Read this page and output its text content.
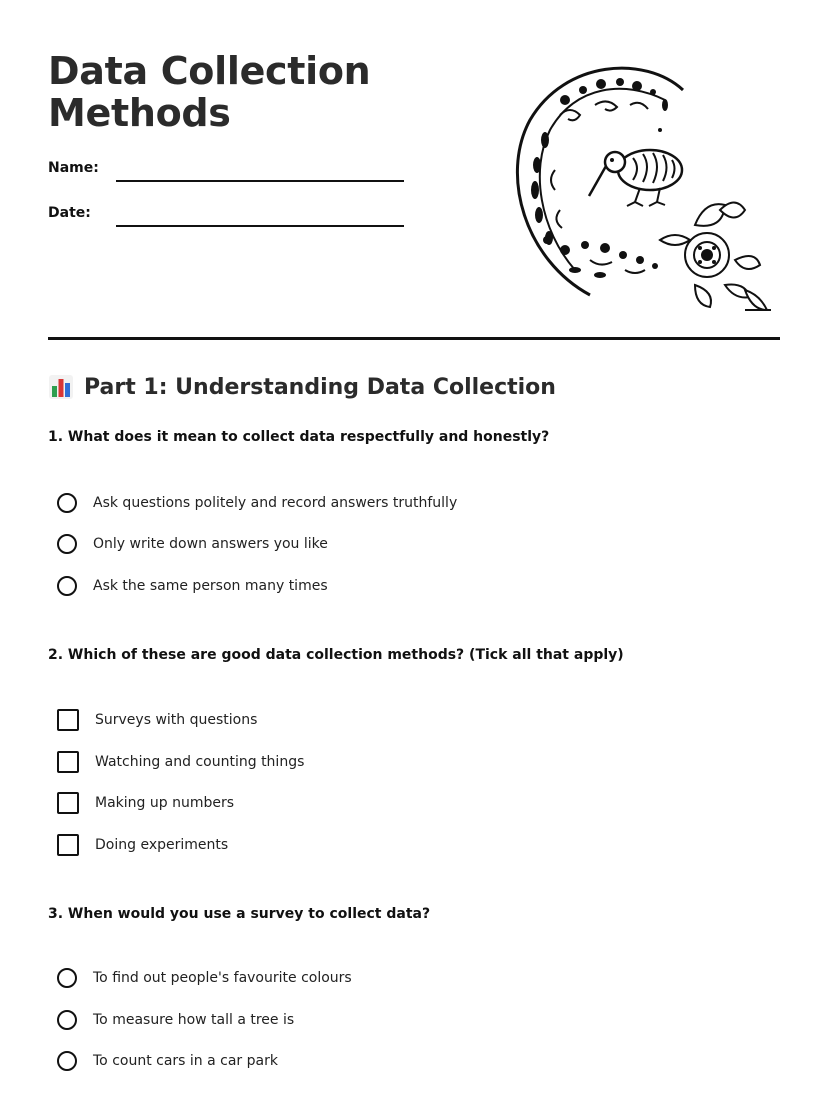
Data Collection
Methods
Name:
Date:
Part 1: Understanding Data Collection

1. What does it mean to collect data respectfully and honestly?

Ask questions politely and record answers truthfully
Only write down answers you like
Ask the same person many times

2. Which of these are good data collection methods? (Tick all that apply)

Surveys with questions
Watching and counting things
Making up numbers
Doing experiments

3. When would you use a survey to collect data?

To find out people's favourite colours
To measure how tall a tree is
To count cars in a car park
